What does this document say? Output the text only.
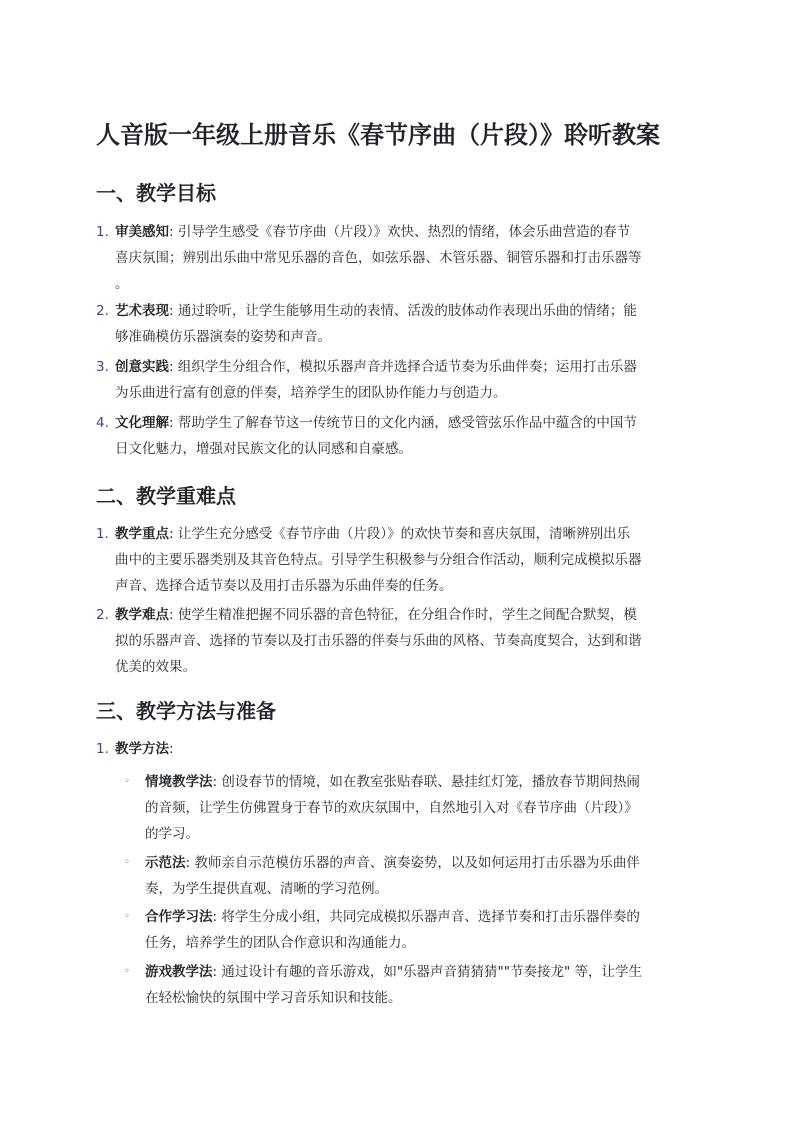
人音版一年级上册音乐《春节序曲（片段）》聆听教案
一、教学目标
1. 审美感知: 引导学生感受《春节序曲（片段）》欢快、热烈的情绪，体会乐曲营造的春节
喜庆氛围；辨别出乐曲中常见乐器的音色，如弦乐器、木管乐器、铜管乐器和打击乐器等
。
2. 艺术表现: 通过聆听，让学生能够用生动的表情、活泼的肢体动作表现出乐曲的情绪；能
够准确模仿乐器演奏的姿势和声音。
3. 创意实践: 组织学生分组合作，模拟乐器声音并选择合适节奏为乐曲伴奏；运用打击乐器
为乐曲进行富有创意的伴奏，培养学生的团队协作能力与创造力。
4. 文化理解: 帮助学生了解春节这一传统节日的文化内涵，感受管弦乐作品中蕴含的中国节
日文化魅力，增强对民族文化的认同感和自豪感。
二、教学重难点
1. 教学重点: 让学生充分感受《春节序曲（片段）》的欢快节奏和喜庆氛围，清晰辨别出乐
曲中的主要乐器类别及其音色特点。引导学生积极参与分组合作活动，顺利完成模拟乐器
声音、选择合适节奏以及用打击乐器为乐曲伴奏的任务。
2. 教学难点: 使学生精准把握不同乐器的音色特征，在分组合作时，学生之间配合默契，模
拟的乐器声音、选择的节奏以及打击乐器的伴奏与乐曲的风格、节奏高度契合，达到和谐
优美的效果。
三、教学方法与准备
1. 教学方法:
◦	情境教学法: 创设春节的情境，如在教室张贴春联、悬挂红灯笼，播放春节期间热闹
的音频，让学生仿佛置身于春节的欢庆氛围中，自然地引入对《春节序曲（片段）》
的学习。
◦	示范法: 教师亲自示范模仿乐器的声音、演奏姿势，以及如何运用打击乐器为乐曲伴
奏，为学生提供直观、清晰的学习范例。
◦	合作学习法: 将学生分成小组，共同完成模拟乐器声音、选择节奏和打击乐器伴奏的
任务，培养学生的团队合作意识和沟通能力。
◦	游戏教学法: 通过设计有趣的音乐游戏，如"乐器声音猜猜猜""节奏接龙" 等，让学生
在轻松愉快的氛围中学习音乐知识和技能。
